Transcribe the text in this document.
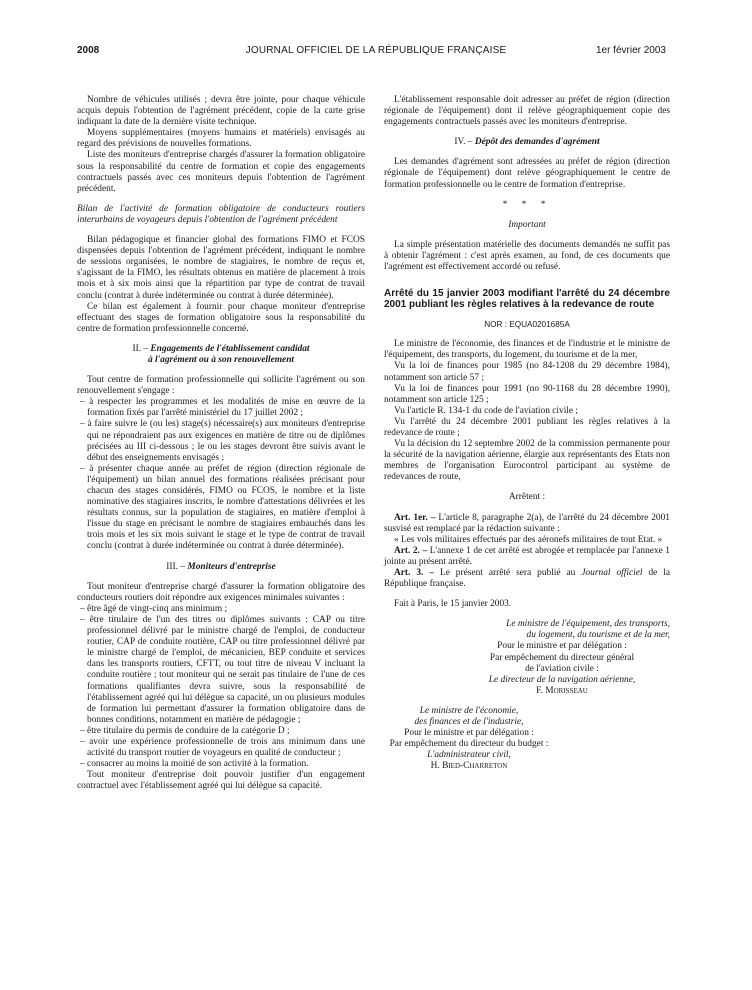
2008	JOURNAL OFFICIEL DE LA RÉPUBLIQUE FRANÇAISE	1er février 2003

Nombre de véhicules utilisés ; devra être jointe, pour chaque véhicule acquis depuis l'obtention de l'agrément précédent, copie de la carte grise indiquant la date de la dernière visite technique.

Moyens supplémentaires (moyens humains et matériels) envisagés au regard des prévisions de nouvelles formations.

Liste des moniteurs d'entreprise chargés d'assurer la formation obligatoire sous la responsabilité du centre de formation et copie des engagements contractuels passés avec ces moniteurs depuis l'obtention de l'agrément précédent.

Bilan de l'activité de formation obligatoire de conducteurs routiers interurbains de voyageurs depuis l'obtention de l'agrément précédent

Bilan pédagogique et financier global des formations FIMO et FCOS dispensées depuis l'obtention de l'agrément précédent, indiquant le nombre de sessions organisées, le nombre de stagiaires, le nombre de reçus et, s'agissant de la FIMO, les résultats obtenus en matière de placement à trois mois et à six mois ainsi que la répartition par type de contrat de travail conclu (contrat à durée indéterminée ou contrat à durée déterminée).

Ce bilan est également à fournir pour chaque moniteur d'entreprise effectuant des stages de formation obligatoire sous la responsabilité du centre de formation professionnelle concerné.

II. – Engagements de l'établissement candidat
à l'agrément ou à son renouvellement

Tout centre de formation professionnelle qui sollicite l'agrément ou son renouvellement s'engage :

– à respecter les programmes et les modalités de mise en œuvre de la formation fixés par l'arrêté ministériel du 17 juillet 2002 ;

– à faire suivre le (ou les) stage(s) nécessaire(s) aux moniteurs d'entreprise qui ne répondraient pas aux exigences en matière de titre ou de diplômes précisées au III ci-dessous ; le ou les stages devront être suivis avant le début des enseignements envisagés ;

– à présenter chaque année au préfet de région (direction régionale de l'équipement) un bilan annuel des formations réalisées précisant pour chacun des stages considérés, FIMO ou FCOS, le nombre et la liste nominative des stagiaires inscrits, le nombre d'attestations délivrées et les résultats connus, sur la population de stagiaires, en matière d'emploi à l'issue du stage en précisant le nombre de stagiaires embauchés dans les trois mois et les six mois suivant le stage et le type de contrat de travail conclu (contrat à durée indéterminée ou contrat à durée déterminée).

III. – Moniteurs d'entreprise

Tout moniteur d'entreprise chargé d'assurer la formation obligatoire des conducteurs routiers doit répondre aux exigences minimales suivantes :

– être âgé de vingt-cinq ans minimum ;

– être titulaire de l'un des titres ou diplômes suivants : CAP ou titre professionnel délivré par le ministre chargé de l'emploi, de conducteur routier, CAP de conduite routière, CAP ou titre professionnel délivré par le ministre chargé de l'emploi, de mécanicien, BEP conduite et services dans les transports routiers, CFTT, ou tout titre de niveau V incluant la conduite routière ; tout moniteur qui ne serait pas titulaire de l'une de ces formations qualifiantes devra suivre, sous la responsabilité de l'établissement agréé qui lui délègue sa capacité, un ou plusieurs modules de formation lui permettant d'assurer la formation obligatoire dans de bonnes conditions, notamment en matière de pédagogie ;

– être titulaire du permis de conduire de la catégorie D ;

– avoir une expérience professionnelle de trois ans minimum dans une activité du transport routier de voyageurs en qualité de conducteur ;

– consacrer au moins la moitié de son activité à la formation.

Tout moniteur d'entreprise doit pouvoir justifier d'un engagement contractuel avec l'établissement agréé qui lui délègue sa capacité.

L'établissement responsable doit adresser au préfet de région (direction régionale de l'équipement) dont il relève géographiquement copie des engagements contractuels passés avec les moniteurs d'entreprise.

IV. – Dépôt des demandes d'agrément

Les demandes d'agrément sont adressées au préfet de région (direction régionale de l'équipement) dont relève géographiquement le centre de formation professionnelle ou le centre de formation d'entreprise.

* * *

Important

La simple présentation matérielle des documents demandés ne suffit pas à obtenir l'agrément : c'est après examen, au fond, de ces documents que l'agrément est effectivement accordé ou refusé.

Arrêté du 15 janvier 2003 modifiant l'arrêté du 24 décembre 2001 publiant les règles relatives à la redevance de route
NOR : EQUA0201685A

Le ministre de l'économie, des finances et de l'industrie et le ministre de l'équipement, des transports, du logement, du tourisme et de la mer,

Vu la loi de finances pour 1985 (no 84-1208 du 29 décembre 1984), notamment son article 57 ;

Vu la loi de finances pour 1991 (no 90-1168 du 28 décembre 1990), notamment son article 125 ;

Vu l'article R. 134-1 du code de l'aviation civile ;

Vu l'arrêté du 24 décembre 2001 publiant les règles relatives à la redevance de route ;

Vu la décision du 12 septembre 2002 de la commission permanente pour la sécurité de la navigation aérienne, élargie aux représentants des Etats non membres de l'organisation Eurocontrol participant au système de redevances de route,

Arrêtent :

Art. 1er. – L'article 8, paragraphe 2(a), de l'arrêté du 24 décembre 2001 susvisé est remplacé par la rédaction suivante :

« Les vols militaires effectués par des aéronefs militaires de tout Etat. »

Art. 2. – L'annexe 1 de cet arrêté est abrogée et remplacée par l'annexe 1 jointe au présent arrêté.

Art. 3. – Le présent arrêté sera publié au Journal officiel de la République française.

Fait à Paris, le 15 janvier 2003.

Le ministre de l'équipement, des transports,

du logement, du tourisme et de la mer,

Pour le ministre et par délégation :

Par empêchement du directeur général

de l'aviation civile :

Le directeur de la navigation aérienne,

F. Morisseau

Le ministre de l'économie,

des finances et de l'industrie,

Pour le ministre et par délégation :

Par empêchement du directeur du budget :

L'administrateur civil,

H. Bied-Charreton
